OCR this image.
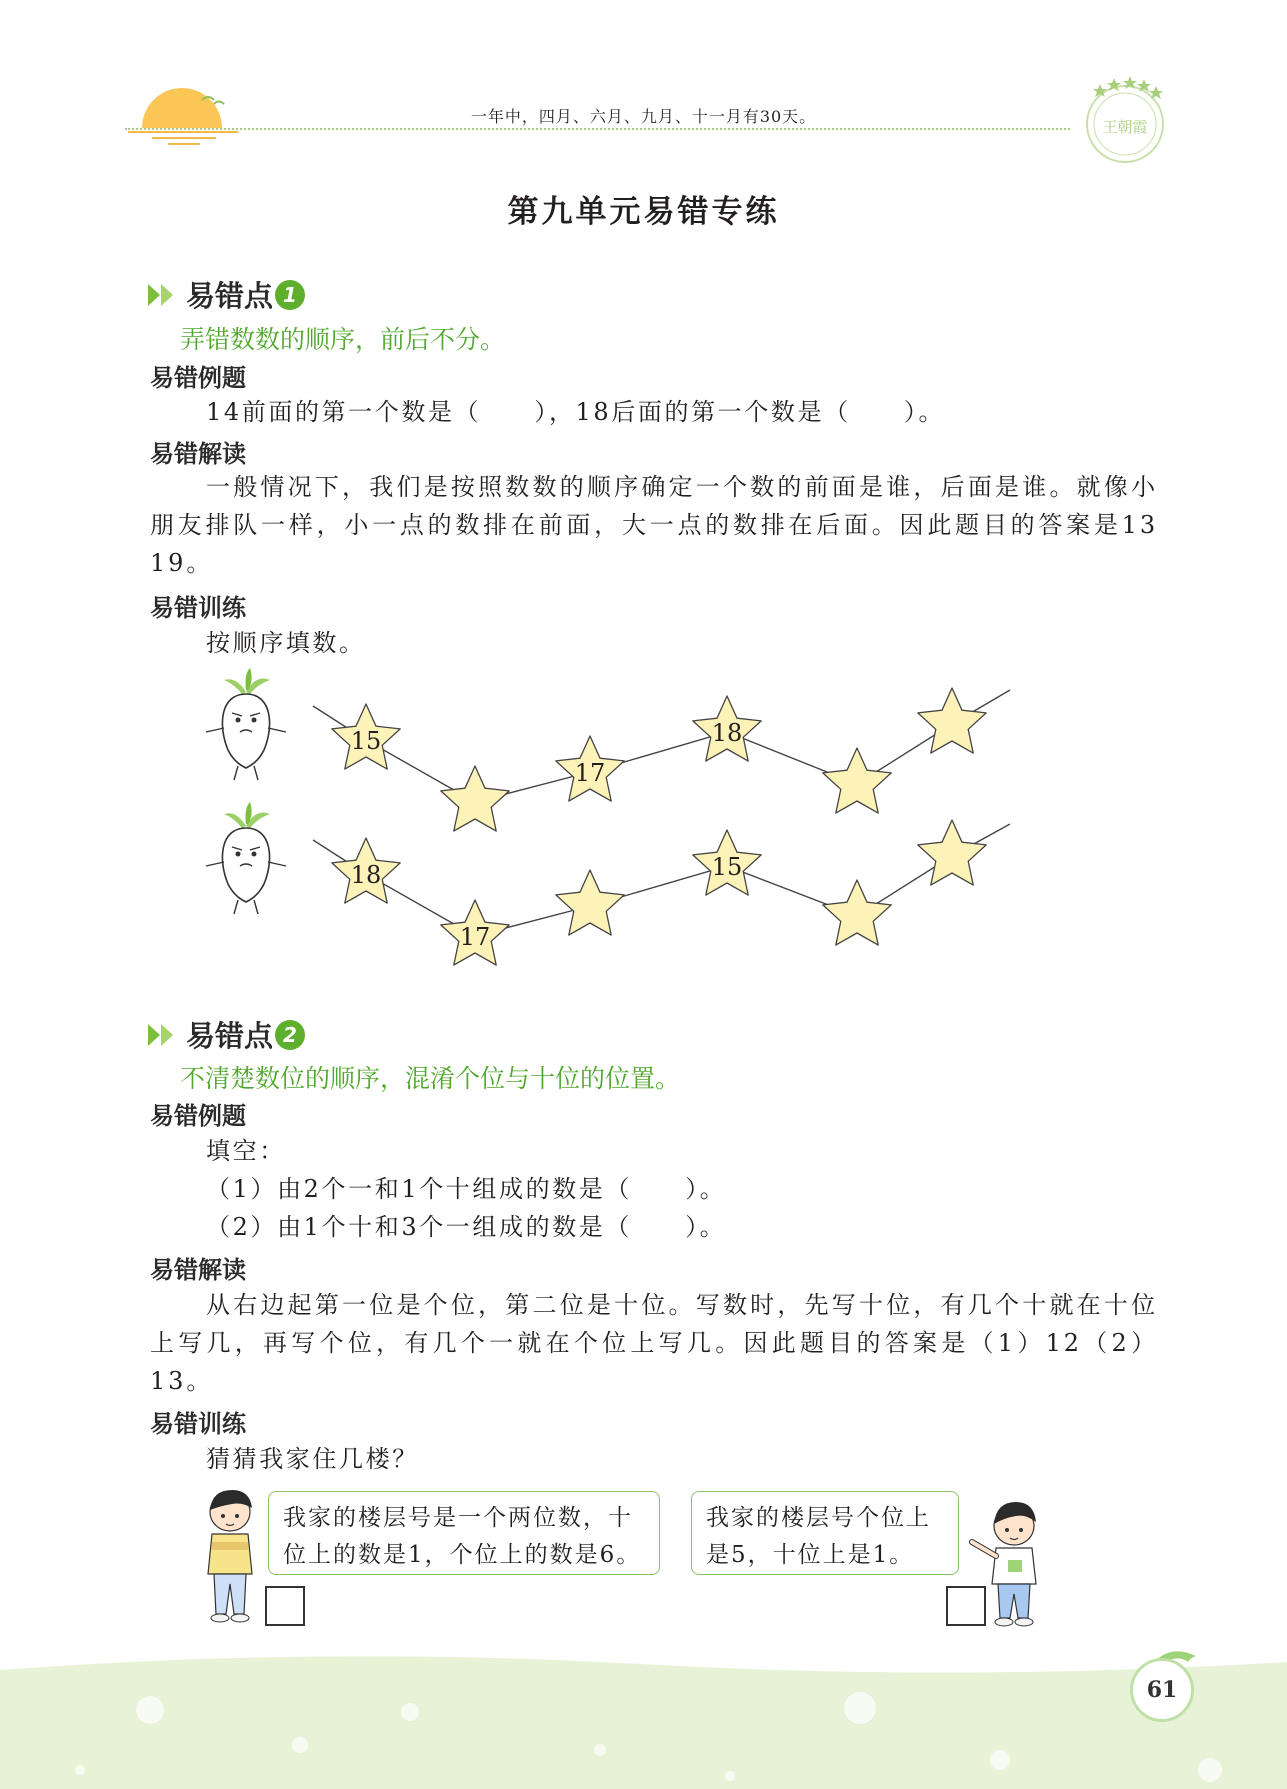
一年中，四月、六月、九月、十一月有30天。
王朝霞
第九单元易错专练
易错点 1
弄错数数的顺序，前后不分。
易错例题
14前面的第一个数是（　　），18后面的第一个数是（　　）。
易错解读
一般情况下，我们是按照数数的顺序确定一个数的前面是谁，后面是谁。就像小朋友排队一样，小一点的数排在前面，大一点的数排在后面。因此题目的答案是13　19。
易错训练
按顺序填数。
15
17
18
18
17
15
易错点 2
不清楚数位的顺序，混淆个位与十位的位置。
易错例题
填空：
（1）由2个一和1个十组成的数是（　　）。
（2）由1个十和3个一组成的数是（　　）。
易错解读
从右边起第一位是个位，第二位是十位。写数时，先写十位，有几个十就在十位上写几，再写个位，有几个一就在个位上写几。因此题目的答案是（1）12（2）13。
易错训练
猜猜我家住几楼？
我家的楼层号是一个两位数，十
位上的数是1，个位上的数是6。
我家的楼层号个位上
是5，十位上是1。
61
